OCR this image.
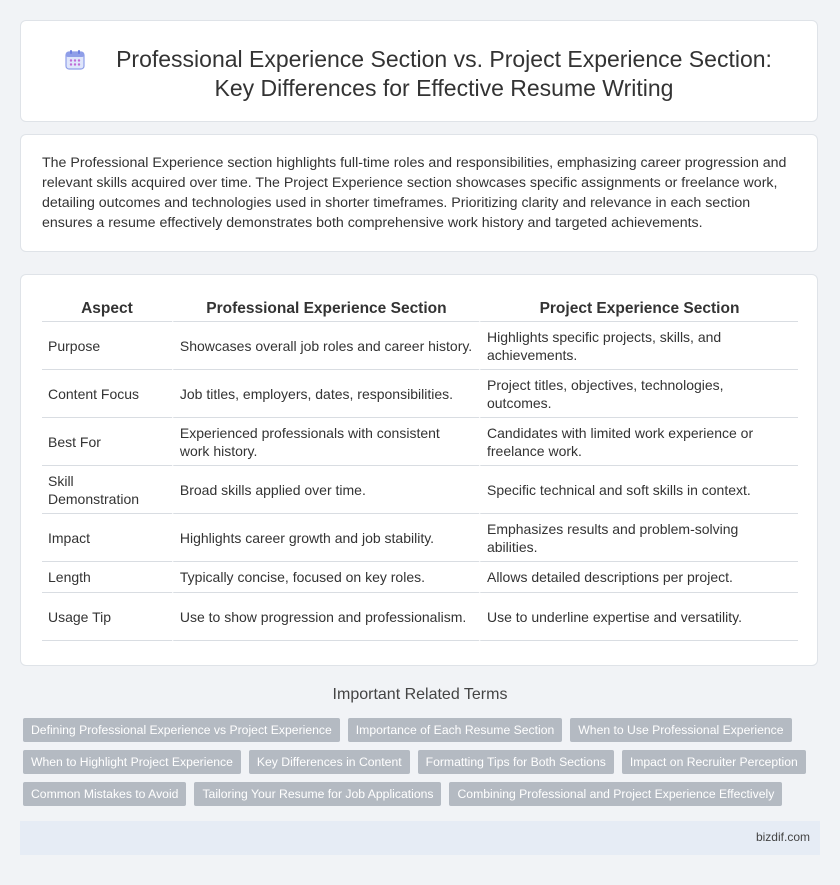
Professional Experience Section vs. Project Experience Section: Key Differences for Effective Resume Writing
The Professional Experience section highlights full-time roles and responsibilities, emphasizing career progression and relevant skills acquired over time. The Project Experience section showcases specific assignments or freelance work, detailing outcomes and technologies used in shorter timeframes. Prioritizing clarity and relevance in each section ensures a resume effectively demonstrates both comprehensive work history and targeted achievements.
Aspect	Professional Experience Section	Project Experience Section
Purpose	Showcases overall job roles and career history.	Highlights specific projects, skills, and achievements.
Content Focus	Job titles, employers, dates, responsibilities.	Project titles, objectives, technologies, outcomes.
Best For	Experienced professionals with consistent work history.	Candidates with limited work experience or freelance work.
Skill Demonstration	Broad skills applied over time.	Specific technical and soft skills in context.
Impact	Highlights career growth and job stability.	Emphasizes results and problem-solving abilities.
Length	Typically concise, focused on key roles.	Allows detailed descriptions per project.
Usage Tip	Use to show progression and professionalism.	Use to underline expertise and versatility.
Important Related Terms
Defining Professional Experience vs Project Experience	Importance of Each Resume Section	When to Use Professional Experience
When to Highlight Project Experience	Key Differences in Content	Formatting Tips for Both Sections	Impact on Recruiter Perception
Common Mistakes to Avoid	Tailoring Your Resume for Job Applications	Combining Professional and Project Experience Effectively
bizdif.com
